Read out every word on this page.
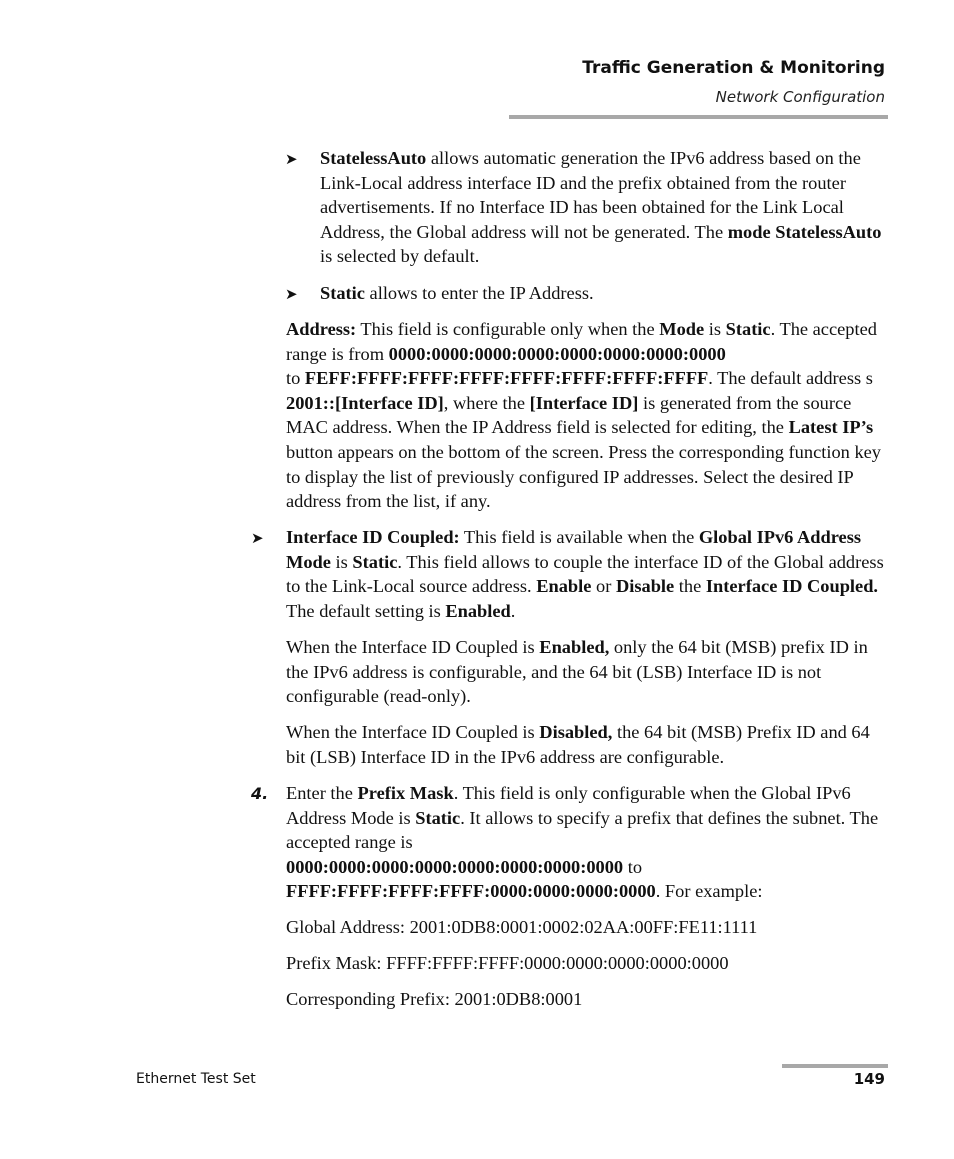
Traffic Generation & Monitoring
Network Configuration
➤ StatelessAuto allows automatic generation the IPv6 address based on the Link-Local address interface ID and the prefix obtained from the router advertisements. If no Interface ID has been obtained for the Link Local Address, the Global address will not be generated. The mode StatelessAuto is selected by default.

➤ Static allows to enter the IP Address.

Address: This field is configurable only when the Mode is Static. The accepted range is from 0000:0000:0000:0000:0000:0000:0000:0000
to FEFF:FFFF:FFFF:FFFF:FFFF:FFFF:FFFF:FFFF. The default address s
2001::[Interface ID], where the [Interface ID] is generated from the source MAC address. When the IP Address field is selected for editing, the Latest IP’s button appears on the bottom of the screen. Press the corresponding function key to display the list of previously configured IP addresses. Select the desired IP address from the list, if any.

➤ Interface ID Coupled: This field is available when the Global IPv6 Address Mode is Static. This field allows to couple the interface ID of the Global address to the Link-Local source address. Enable or Disable the Interface ID Coupled. The default setting is Enabled.

When the Interface ID Coupled is Enabled, only the 64 bit (MSB) prefix ID in the IPv6 address is configurable, and the 64 bit (LSB) Interface ID is not configurable (read-only).

When the Interface ID Coupled is Disabled, the 64 bit (MSB) Prefix ID and 64 bit (LSB) Interface ID in the IPv6 address are configurable.

4. Enter the Prefix Mask. This field is only configurable when the Global IPv6 Address Mode is Static. It allows to specify a prefix that defines the subnet. The accepted range is
0000:0000:0000:0000:0000:0000:0000:0000 to
FFFF:FFFF:FFFF:FFFF:0000:0000:0000:0000. For example:

Global Address: 2001:0DB8:0001:0002:02AA:00FF:FE11:1111

Prefix Mask: FFFF:FFFF:FFFF:0000:0000:0000:0000:0000

Corresponding Prefix: 2001:0DB8:0001

Ethernet Test Set	149
